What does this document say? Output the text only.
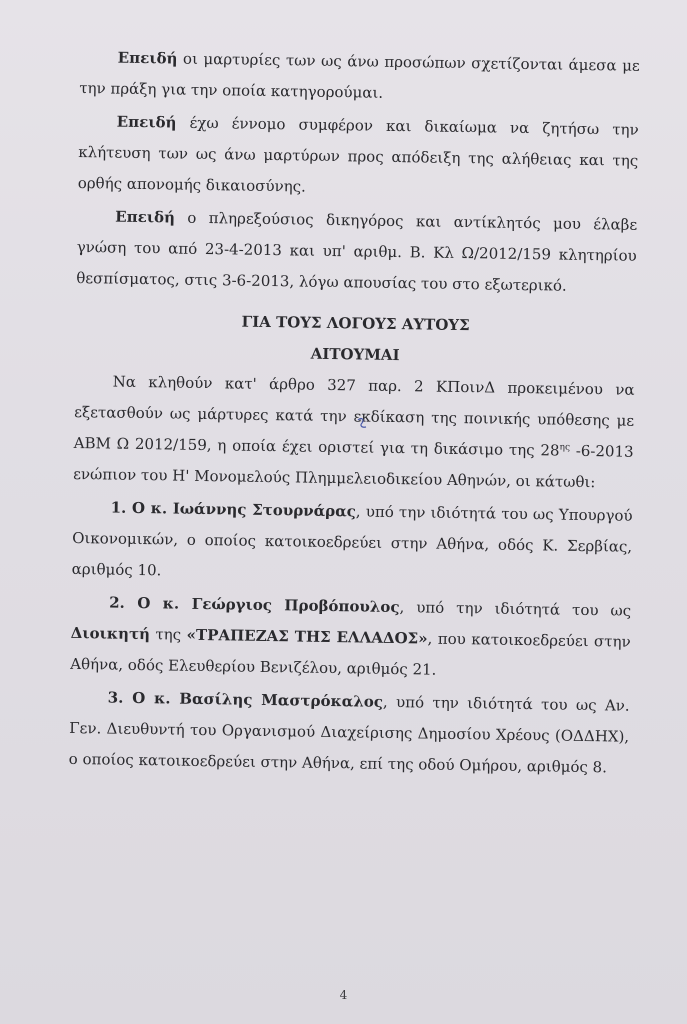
Επειδή οι μαρτυρίες των ως άνω προσώπων σχετίζονται άμεσα με την πράξη για την οποία κατηγορούμαι.

Επειδή έχω έννομο συμφέρον και δικαίωμα να ζητήσω την κλήτευση των ως άνω μαρτύρων προς απόδειξη της αλήθειας και της ορθής απονομής δικαιοσύνης.

Επειδή ο πληρεξούσιος δικηγόρος και αντίκλητός μου έλαβε γνώση του από 23-4-2013 και υπ' αριθμ. Β. Κλ Ω/2012/159 κλητηρίου θεσπίσματος, στις 3-6-2013, λόγω απουσίας του στο εξωτερικό.

ΓΙΑ ΤΟΥΣ ΛΟΓΟΥΣ ΑΥΤΟΥΣ
ΑΙΤΟΥΜΑΙ

Να κληθούν κατ' άρθρο 327 παρ. 2 ΚΠοινΔ προκειμένου να εξετασθούν ως μάρτυρες κατά την εκδίκαση της ποινικής υπόθεσης με ΑΒΜ Ω 2012/159, η οποία έχει οριστεί για τη δικάσιμο της $28^{\eta\varsigma}$ -6-2013 ενώπιον του Η' Μονομελούς Πλημμελειοδικείου Αθηνών, οι κάτωθι:

1. Ο κ. Ιωάννης Στουρνάρας, υπό την ιδιότητά του ως Υπουργού Οικονομικών, ο οποίος κατοικοεδρεύει στην Αθήνα, οδός Κ. Σερβίας, αριθμός 10.

2. Ο κ. Γεώργιος Προβόπουλος, υπό την ιδιότητά του ως Διοικητή της «ΤΡΑΠΕΖΑΣ ΤΗΣ ΕΛΛΑΔΟΣ», που κατοικοεδρεύει στην Αθήνα, οδός Ελευθερίου Βενιζέλου, αριθμός 21.

3. Ο κ. Βασίλης Μαστρόκαλος, υπό την ιδιότητά του ως Αν. Γεν. Διευθυντή του Οργανισμού Διαχείρισης Δημοσίου Χρέους (ΟΔΔΗΧ), ο οποίος κατοικοεδρεύει στην Αθήνα, επί της οδού Ομήρου, αριθμός 8.

4
